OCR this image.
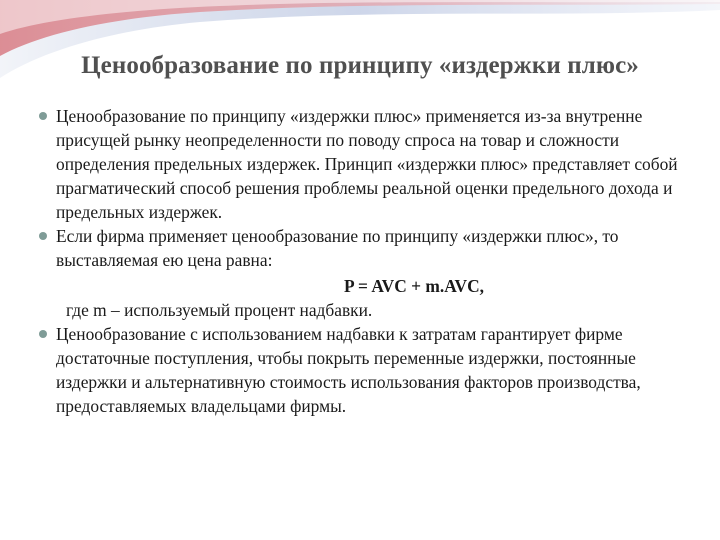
Ценообразование по принципу «издержки плюс»

Ценообразование по принципу «издержки плюс» применяется из-за внутренне присущей рынку неопределенности по поводу спроса на товар и сложности определения предельных издержек. Принцип «издержки плюс» представляет собой прагматический способ решения проблемы реальной оценки предельного дохода и предельных издержек.

Если фирма применяет ценообразование по принципу «издержки плюс», то выставляемая ею цена равна:

P = AVC + m.AVC,

где m – используемый процент надбавки.

Ценообразование с использованием надбавки к затратам гарантирует фирме достаточные поступления, чтобы покрыть переменные издержки, постоянные издержки и альтернативную стоимость использования факторов производства, предоставляемых владельцами фирмы.
